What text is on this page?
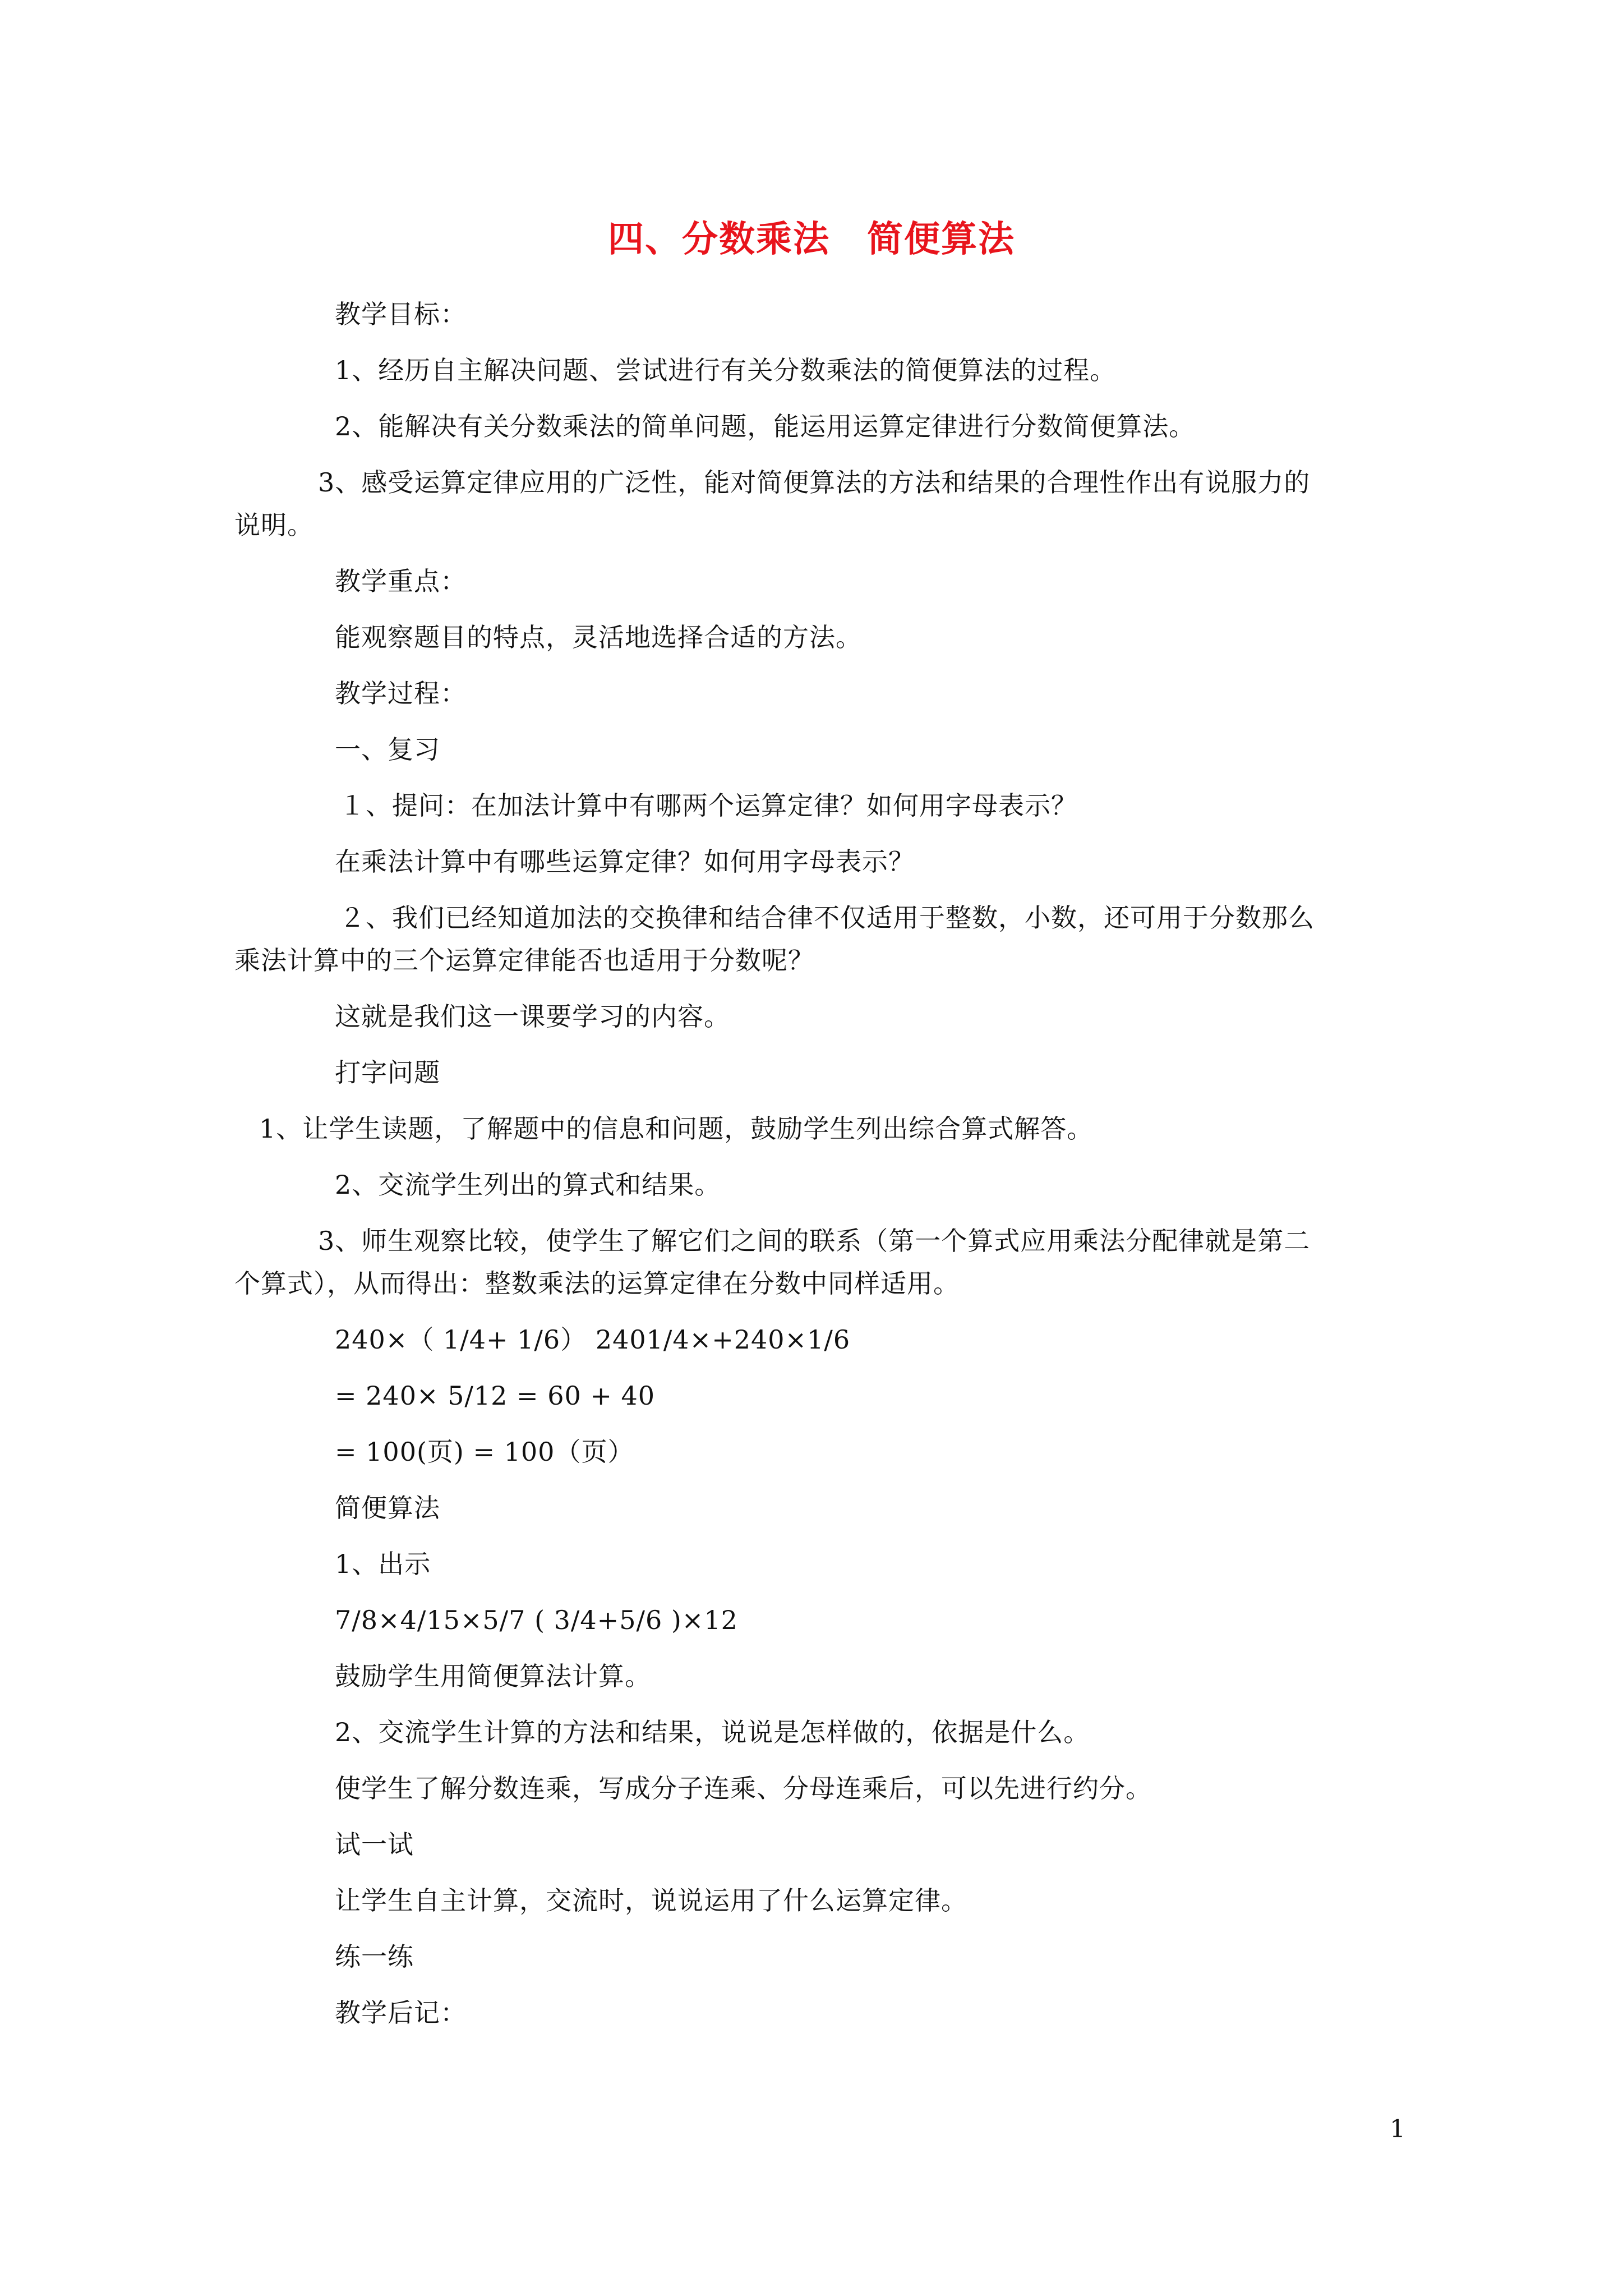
四、分数乘法　简便算法
教学目标：
1、经历自主解决问题、尝试进行有关分数乘法的简便算法的过程。
2、能解决有关分数乘法的简单问题，能运用运算定律进行分数简便算法。
3、感受运算定律应用的广泛性，能对简便算法的方法和结果的合理性作出有说服力的
说明。
教学重点：
能观察题目的特点，灵活地选择合适的方法。
教学过程：
一、复习
１、提问：在加法计算中有哪两个运算定律？如何用字母表示？
在乘法计算中有哪些运算定律？如何用字母表示？
２、我们已经知道加法的交换律和结合律不仅适用于整数，小数，还可用于分数那么
乘法计算中的三个运算定律能否也适用于分数呢？
这就是我们这一课要学习的内容。
打字问题
1、让学生读题，了解题中的信息和问题，鼓励学生列出综合算式解答。
2、交流学生列出的算式和结果。
3、师生观察比较，使学生了解它们之间的联系（第一个算式应用乘法分配律就是第二
个算式），从而得出：整数乘法的运算定律在分数中同样适用。
240×（ 1/4+ 1/6） 2401/4×+240×1/6
= 240× 5/12 = 60 + 40
= 100(页) = 100（页）
简便算法
1、出示
7/8×4/15×5/7 ( 3/4+5/6 )×12
鼓励学生用简便算法计算。
2、交流学生计算的方法和结果，说说是怎样做的，依据是什么。
使学生了解分数连乘，写成分子连乘、分母连乘后，可以先进行约分。
试一试
让学生自主计算，交流时，说说运用了什么运算定律。
练一练
教学后记：
1
